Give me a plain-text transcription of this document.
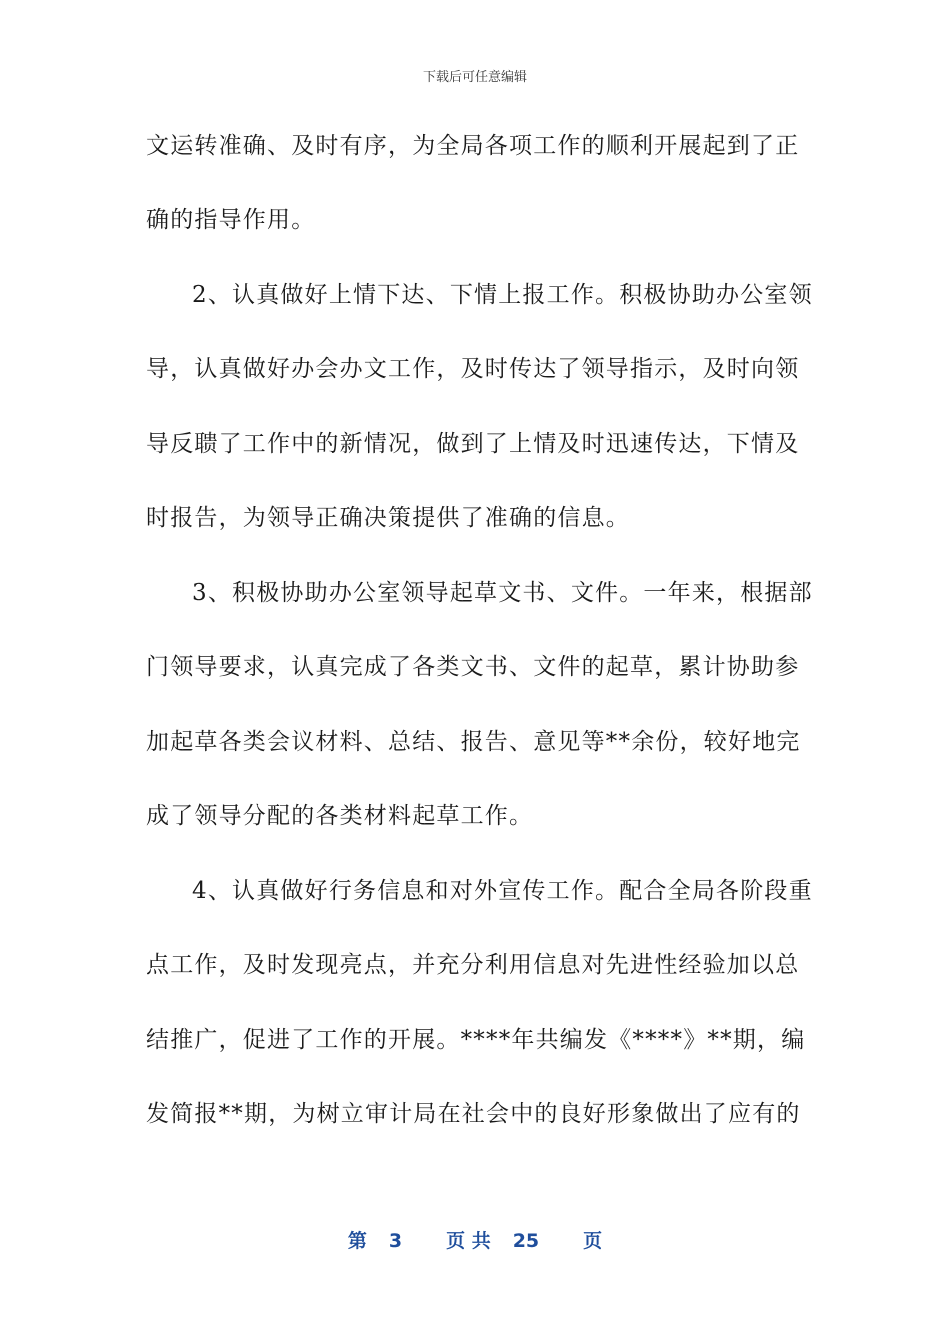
下载后可任意编辑
文运转准确、及时有序，为全局各项工作的顺利开展起到了正
确的指导作用。
2、认真做好上情下达、下情上报工作。积极协助办公室领
导，认真做好办会办文工作，及时传达了领导指示，及时向领
导反聩了工作中的新情况，做到了上情及时迅速传达，下情及
时报告，为领导正确决策提供了准确的信息。
3、积极协助办公室领导起草文书、文件。一年来，根据部
门领导要求，认真完成了各类文书、文件的起草，累计协助参
加起草各类会议材料、总结、报告、意见等**余份，较好地完
成了领导分配的各类材料起草工作。
4、认真做好行务信息和对外宣传工作。配合全局各阶段重
点工作，及时发现亮点，并充分利用信息对先进性经验加以总
结推广，促进了工作的开展。****年共编发《****》**期，编
发简报**期，为树立审计局在社会中的良好形象做出了应有的
第 3 页 共 25 页
